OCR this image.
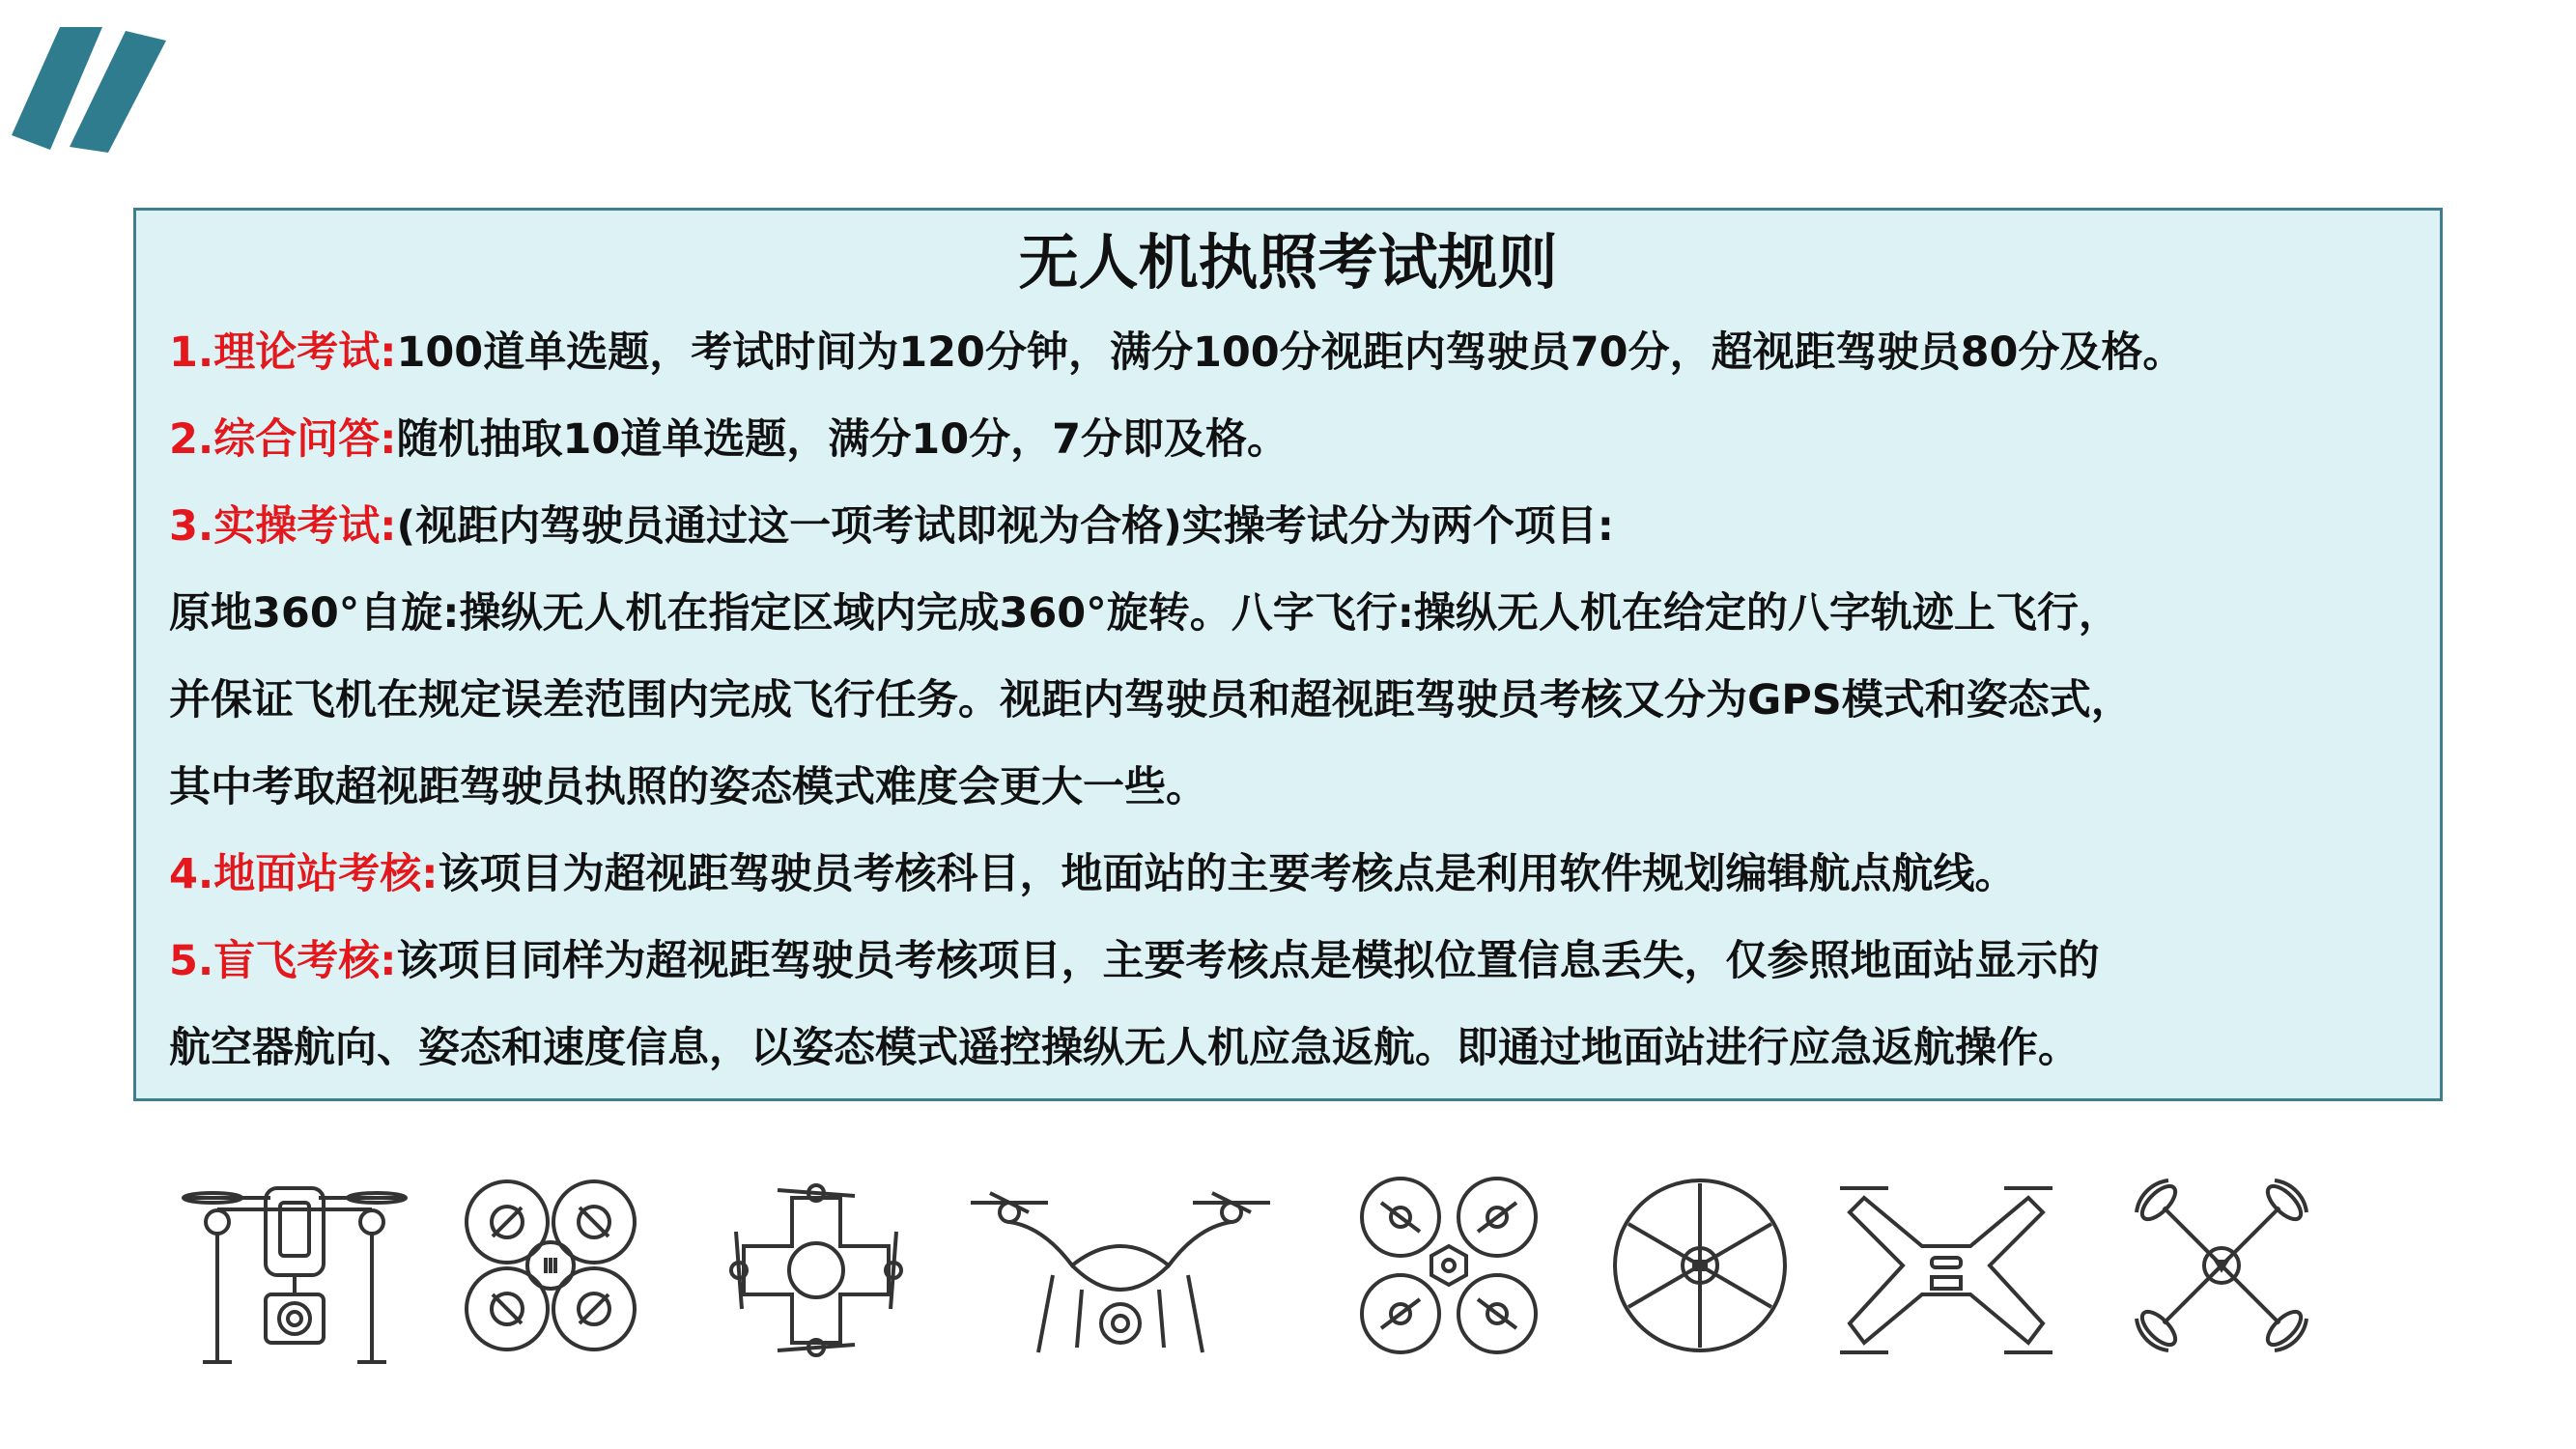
无人机执照考试规则
1.理论考试:100道单选题，考试时间为120分钟，满分100分视距内驾驶员70分，超视距驾驶员80分及格。
2.综合问答:随机抽取10道单选题，满分10分，7分即及格。
3.实操考试:(视距内驾驶员通过这一项考试即视为合格)实操考试分为两个项目:
原地360°自旋:操纵无人机在指定区域内完成360°旋转。八字飞行:操纵无人机在给定的八字轨迹上飞行，
并保证飞机在规定误差范围内完成飞行任务。视距内驾驶员和超视距驾驶员考核又分为GPS模式和姿态式，
其中考取超视距驾驶员执照的姿态模式难度会更大一些。
4.地面站考核:该项目为超视距驾驶员考核科目，地面站的主要考核点是利用软件规划编辑航点航线。
5.盲飞考核:该项目同样为超视距驾驶员考核项目，主要考核点是模拟位置信息丢失，仅参照地面站显示的
航空器航向、姿态和速度信息，以姿态模式遥控操纵无人机应急返航。即通过地面站进行应急返航操作。
